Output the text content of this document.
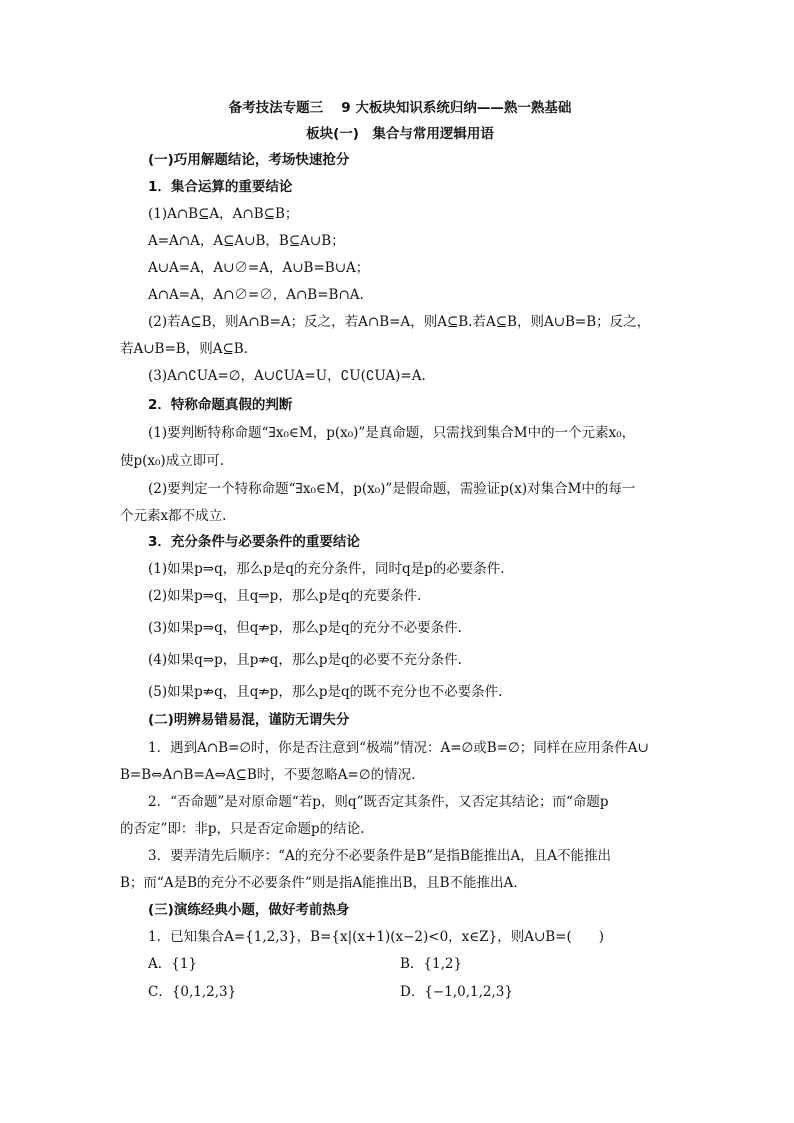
备考技法专题三　 9 大板块知识系统归纳——熟一熟基础
板块(一)　集合与常用逻辑用语
(一)巧用解题结论，考场快速抢分
1．集合运算的重要结论
(1)A∩B⊆A，A∩B⊆B；
A=A∩A，A⊆A∪B，B⊆A∪B；
A∪A=A，A∪∅=A，A∪B=B∪A；
A∩A=A，A∩∅=∅，A∩B=B∩A.
(2)若A⊆B，则A∩B=A；反之，若A∩B=A，则A⊆B.若A⊆B，则A∪B=B；反之，
若A∪B=B，则A⊆B.
(3)A∩∁UA=∅，A∪∁UA=U，∁U(∁UA)=A.
2．特称命题真假的判断
(1)要判断特称命题“∃x₀∈M，p(x₀)”是真命题，只需找到集合M中的一个元素x₀，
使p(x₀)成立即可.
(2)要判定一个特称命题“∃x₀∈M，p(x₀)”是假命题，需验证p(x)对集合M中的每一
个元素x都不成立.
3．充分条件与必要条件的重要结论
(1)如果p⇒q，那么p是q的充分条件，同时q是p的必要条件.
(2)如果p⇒q，且q⇒p，那么p是q的充要条件.
(3)如果p⇒q，但q⇏p，那么p是q的充分不必要条件.
(4)如果q⇒p，且p⇏q，那么p是q的必要不充分条件.
(5)如果p⇏q，且q⇏p，那么p是q的既不充分也不必要条件.
(二)明辨易错易混，谨防无谓失分
1．遇到A∩B=∅时，你是否注意到“极端”情况：A=∅或B=∅；同样在应用条件A∪
B=B⇔A∩B=A⇔A⊆B时，不要忽略A=∅的情况.
2．“否命题”是对原命题“若p，则q”既否定其条件，又否定其结论；而“命题p
的否定”即：非p，只是否定命题p的结论.
3．要弄清先后顺序：“A的充分不必要条件是B”是指B能推出A，且A不能推出
B；而“A是B的充分不必要条件”则是指A能推出B，且B不能推出A.
(三)演练经典小题，做好考前热身
1．已知集合A={1,2,3}，B={x|(x+1)(x−2)<0，x∈Z}，则A∪B=(　　)
A．{1}	B．{1,2}
C．{0,1,2,3}	D．{−1,0,1,2,3}
